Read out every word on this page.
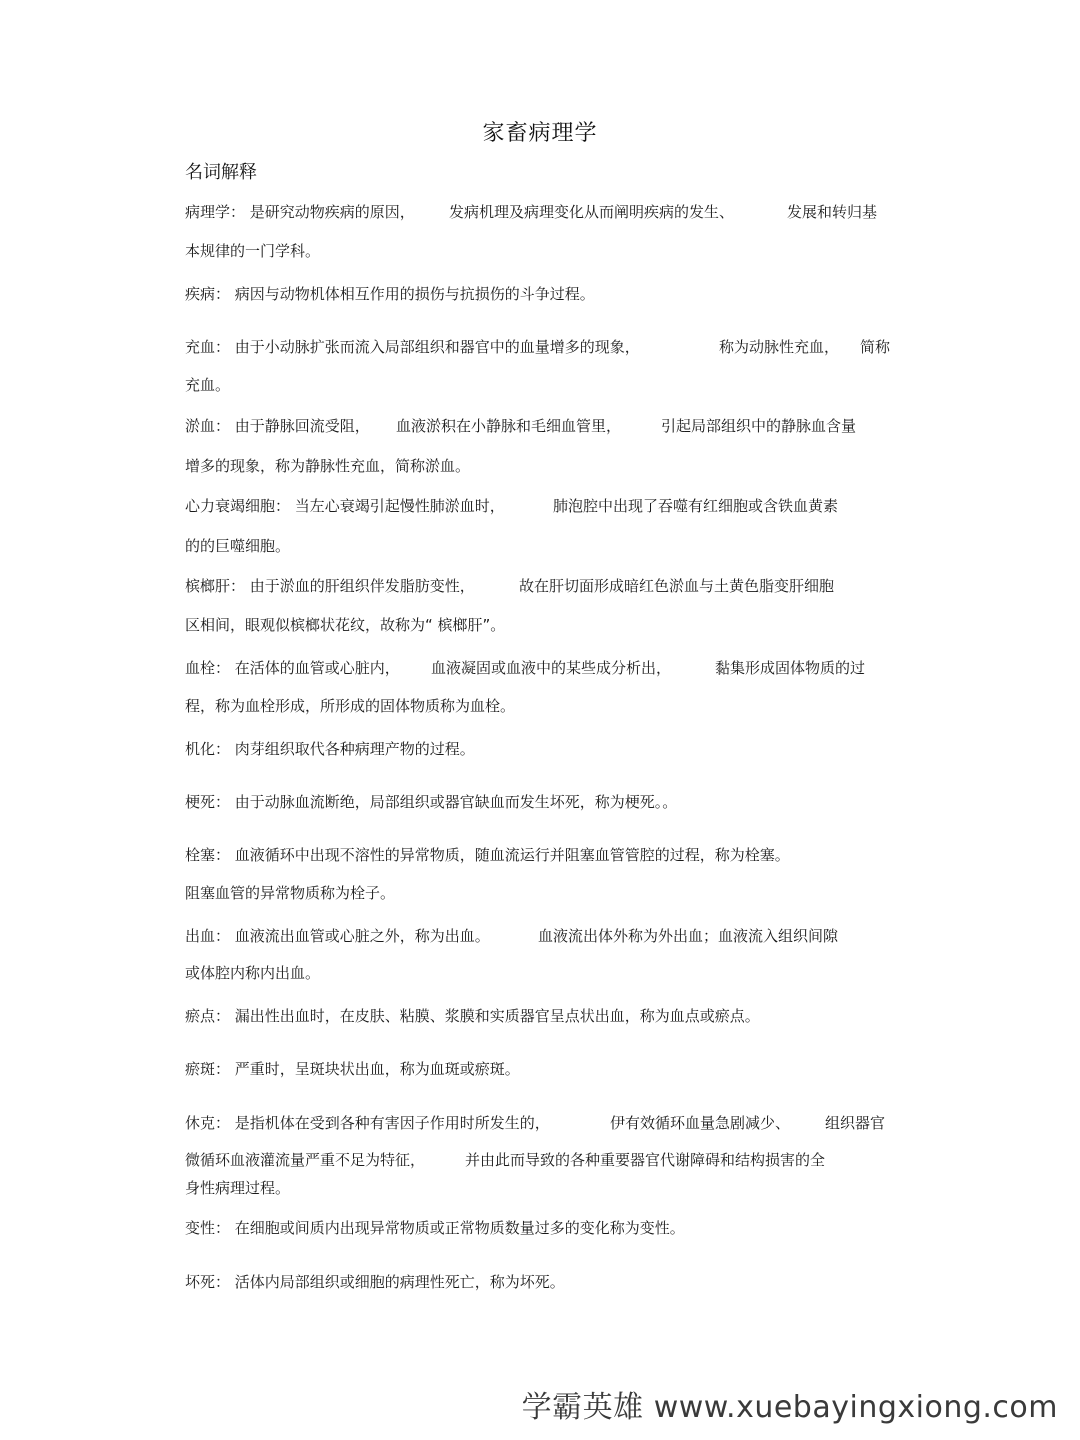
家畜病理学
名词解释
病理学： 是研究动物疾病的原因， 发病机理及病理变化从而阐明疾病的发生、	发展和转归基
本规律的一门学科。
疾病： 病因与动物机体相互作用的损伤与抗损伤的斗争过程。
充血： 由于小动脉扩张而流入局部组织和器官中的血量增多的现象，	称为动脉性充血， 简称
充血。
淤血： 由于静脉回流受阻， 血液淤积在小静脉和毛细血管里，	引起局部组织中的静脉血含量
增多的现象，称为静脉性充血，简称淤血。
心力衰竭细胞： 当左心衰竭引起慢性肺淤血时，	肺泡腔中出现了吞噬有红细胞或含铁血黄素
的的巨噬细胞。
槟榔肝： 由于淤血的肝组织伴发脂肪变性，	故在肝切面形成暗红色淤血与土黄色脂变肝细胞
区相间，眼观似槟榔状花纹，故称为“ 槟榔肝”。
血栓： 在活体的血管或心脏内， 血液凝固或血液中的某些成分析出，	黏集形成固体物质的过
程，称为血栓形成，所形成的固体物质称为血栓。
机化： 肉芽组织取代各种病理产物的过程。
梗死： 由于动脉血流断绝，局部组织或器官缺血而发生坏死，称为梗死。。
栓塞： 血液循环中出现不溶性的异常物质，随血流运行并阻塞血管管腔的过程，称为栓塞。
阻塞血管的异常物质称为栓子。
出血： 血液流出血管或心脏之外，称为出血。	血液流出体外称为外出血；血液流入组织间隙
或体腔内称内出血。
瘀点： 漏出性出血时，在皮肤、粘膜、浆膜和实质器官呈点状出血，称为血点或瘀点。
瘀斑： 严重时，呈斑块状出血，称为血斑或瘀斑。
休克： 是指机体在受到各种有害因子作用时所发生的，	伊有效循环血量急剧减少、 组织器官
微循环血液灌流量严重不足为特征，	并由此而导致的各种重要器官代谢障碍和结构损害的全
身性病理过程。
变性： 在细胞或间质内出现异常物质或正常物质数量过多的变化称为变性。
坏死： 活体内局部组织或细胞的病理性死亡，称为坏死。
学霸英雄 www.xuebayingxiong.com
